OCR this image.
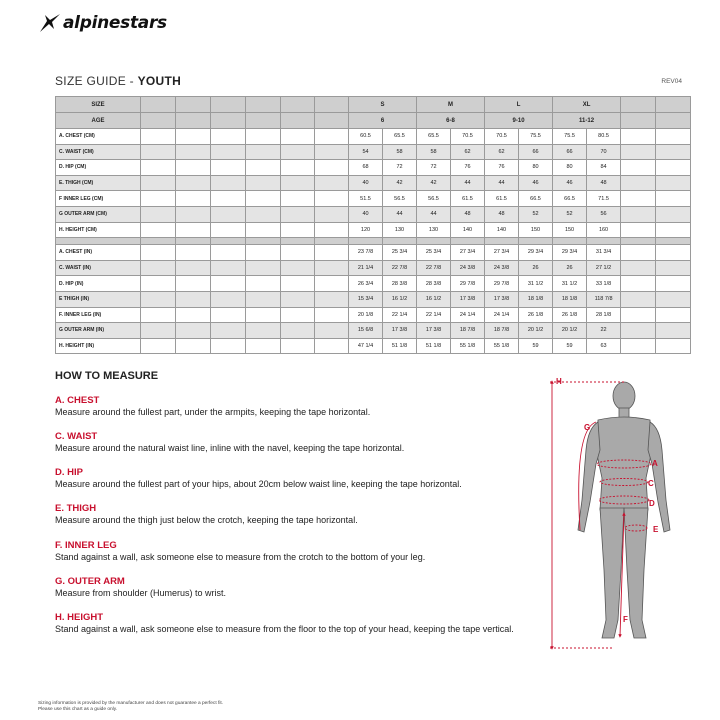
alpinestars
SIZE GUIDE - YOUTH	REV04
SIZE							S		M		L		XL			
AGE							6		6-8		9-10		11-12			
A. CHEST (CM)							60.5	65.5	65.5	70.5	70.5	75.5	75.5	80.5		
C. WAIST (CM)							54	58	58	62	62	66	66	70		
D. HIP (CM)							68	72	72	76	76	80	80	84		
E. THIGH (CM)							40	42	42	44	44	46	46	48		
F INNER LEG (CM)							51.5	56.5	56.5	61.5	61.5	66.5	66.5	71.5		
G OUTER ARM (CM)							40	44	44	48	48	52	52	56		
H. HEIGHT (CM)							120	130	130	140	140	150	150	160		

A. CHEST (IN)							23 7/8	25 3/4	25 3/4	27 3/4	27 3/4	29 3/4	29 3/4	31 3/4		
C. WAIST (IN)							21 1/4	22 7/8	22 7/8	24 3/8	24 3/8	26	26	27 1/2		
D. HIP (IN)							26 3/4	28 3/8	28 3/8	29 7/8	29 7/8	31 1/2	31 1/2	33 1/8		
E THIGH (IN)							15 3/4	16 1/2	16 1/2	17 3/8	17 3/8	18 1/8	18 1/8	118 7/8		
F. INNER LEG (IN)							20 1/8	22 1/4	22 1/4	24 1/4	24 1/4	26 1/8	26 1/8	28 1/8		
G OUTER ARM (IN)							15 6/8	17 3/8	17 3/8	18 7/8	18 7/8	20 1/2	20 1/2	22		
H. HEIGHT (IN)							47 1/4	51 1/8	51 1/8	55 1/8	55 1/8	59	59	63		
HOW TO MEASURE
A. CHEST
Measure around the fullest part, under the armpits, keeping the tape horizontal.
C. WAIST
Measure around the natural waist line, inline with the navel, keeping the tape horizontal.
D. HIP
Measure around the fullest part of your hips, about 20cm below waist line, keeping the tape horizontal.
E. THIGH
Measure around the thigh just below the crotch, keeping the tape horizontal.
F. INNER LEG
Stand against a wall, ask someone else to measure from the crotch to the bottom of your leg.
G. OUTER ARM
Measure from shoulder (Humerus) to wrist.
H. HEIGHT
Stand against a wall, ask someone else to measure from the floor to the top of your head, keeping the tape vertical.
H
G
A
C
D
E
F
Sizing information is provided by the manufacturer and does not guarantee a perfect fit.
Please use this chart as a guide only.
